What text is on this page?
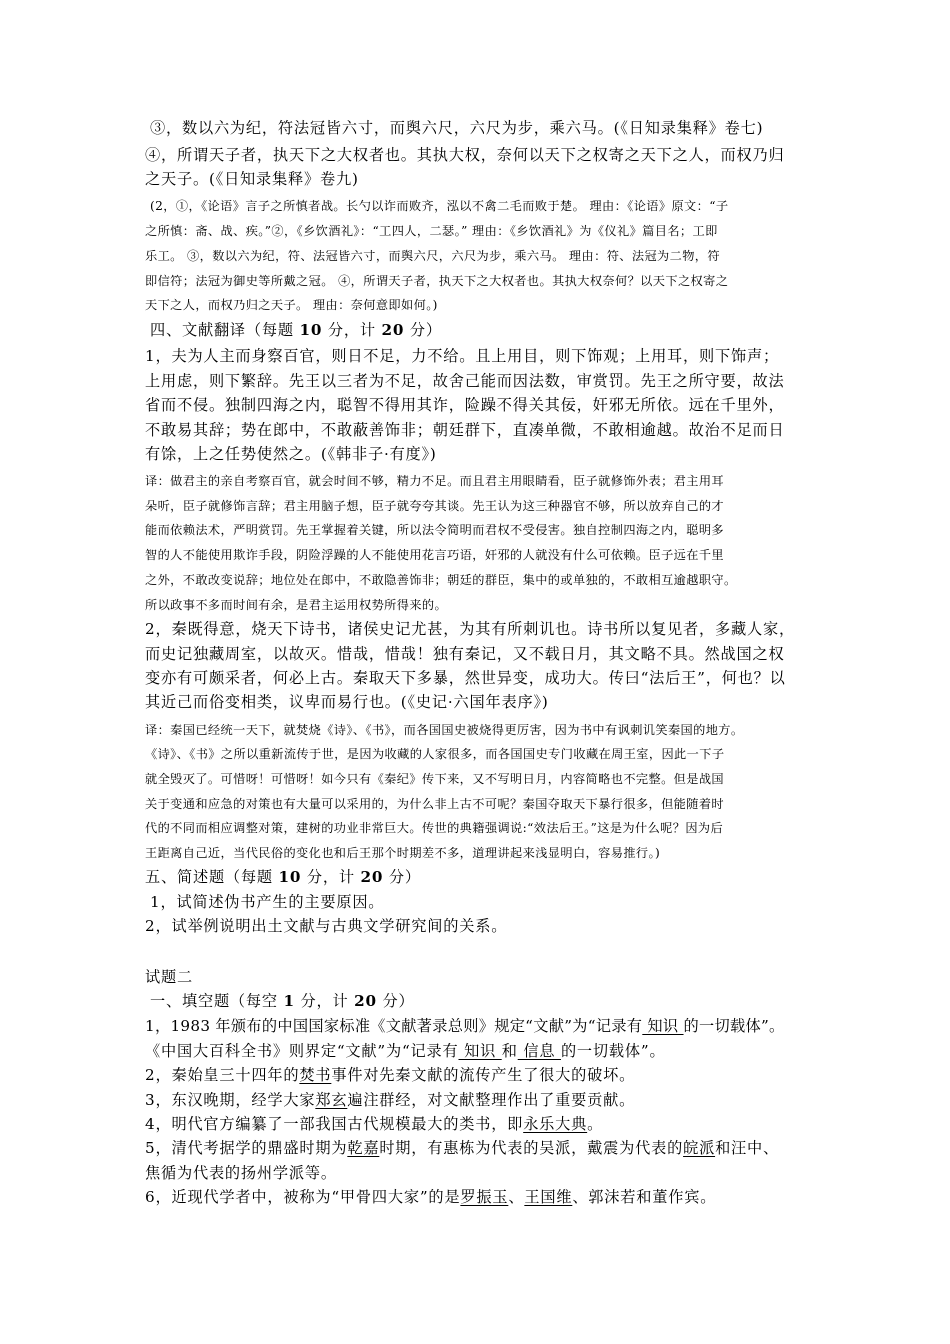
③，数以六为纪，符法冠皆六寸，而舆六尺，六尺为步，乘六马。(《日知录集释》卷七)
④，所谓天子者，执天下之大权者也。其执大权，奈何以天下之权寄之天下之人，而权乃归
之天子。(《日知录集释》卷九)
(2，①，《论语》言子之所慎者战。长勺以诈而败齐，泓以不禽二毛而败于楚。 理由：《论语》原文：“子
之所慎：斋、战、疾。”②，《乡饮酒礼》：“工四人，二瑟。” 理由：《乡饮酒礼》为《仪礼》篇目名；工即
乐工。 ③，数以六为纪，符、法冠皆六寸，而舆六尺，六尺为步，乘六马。 理由：符、法冠为二物，符
即信符；法冠为御史等所戴之冠。 ④，所谓天子者，执天下之大权者也。其执大权奈何？以天下之权寄之
天下之人，而权乃归之天子。 理由：奈何意即如何。)
四、文献翻译（每题 10 分，计 20 分）
1，夫为人主而身察百官，则日不足，力不给。且上用目，则下饰观；上用耳，则下饰声；
上用虑，则下繁辞。先王以三者为不足，故舍己能而因法数，审赏罚。先王之所守要，故法
省而不侵。独制四海之内，聪智不得用其诈，险躁不得关其佞，奸邪无所依。远在千里外，
不敢易其辞；势在郎中，不敢蔽善饰非；朝廷群下，直凑单微，不敢相逾越。故治不足而日
有馀，上之任势使然之。(《韩非子·有度》)
译：做君主的亲自考察百官，就会时间不够，精力不足。而且君主用眼睛看，臣子就修饰外表；君主用耳
朵听，臣子就修饰言辞；君主用脑子想，臣子就夸夸其谈。先王认为这三种器官不够，所以放弃自己的才
能而依赖法术，严明赏罚。先王掌握着关键，所以法令简明而君权不受侵害。独自控制四海之内，聪明多
智的人不能使用欺诈手段，阴险浮躁的人不能使用花言巧语，奸邪的人就没有什么可依赖。臣子远在千里
之外，不敢改变说辞；地位处在郎中，不敢隐善饰非；朝廷的群臣，集中的或单独的，不敢相互逾越职守。
所以政事不多而时间有余，是君主运用权势所得来的。
2，秦既得意，烧天下诗书，诸侯史记尤甚，为其有所刺讥也。诗书所以复见者，多藏人家，
而史记独藏周室，以故灭。惜哉，惜哉！独有秦记，又不载日月，其文略不具。然战国之权
变亦有可颇采者，何必上古。秦取天下多暴，然世异变，成功大。传曰“法后王”，何也？以
其近己而俗变相类，议卑而易行也。(《史记·六国年表序》)
译：秦国已经统一天下，就焚烧《诗》、《书》，而各国国史被烧得更厉害，因为书中有讽刺讥笑秦国的地方。
《诗》、《书》之所以重新流传于世，是因为收藏的人家很多，而各国国史专门收藏在周王室，因此一下子
就全毁灭了。可惜呀！可惜呀！如今只有《秦纪》传下来，又不写明日月，内容简略也不完整。但是战国
关于变通和应急的对策也有大量可以采用的，为什么非上古不可呢？秦国夺取天下暴行很多，但能随着时
代的不同而相应调整对策，建树的功业非常巨大。传世的典籍强调说:“效法后王。”这是为什么呢？因为后
王距离自己近，当代民俗的变化也和后王那个时期差不多，道理讲起来浅显明白，容易推行。)
五、简述题（每题 10 分，计 20 分）
1，试简述伪书产生的主要原因。
2，试举例说明出土文献与古典文学研究间的关系。
试题二
一、填空题（每空 1 分，计 20 分）
1，1983 年颁布的中国国家标准《文献著录总则》规定“文献”为“记录有 知识 的一切载体”。
《中国大百科全书》则界定“文献”为“记录有 知识 和 信息 的一切载体”。
2，秦始皇三十四年的焚书事件对先秦文献的流传产生了很大的破坏。
3，东汉晚期，经学大家郑玄遍注群经，对文献整理作出了重要贡献。
4，明代官方编纂了一部我国古代规模最大的类书，即永乐大典。
5，清代考据学的鼎盛时期为乾嘉时期，有惠栋为代表的吴派，戴震为代表的皖派和汪中、
焦循为代表的扬州学派等。
6，近现代学者中，被称为“甲骨四大家”的是罗振玉、王国维、郭沫若和董作宾。
